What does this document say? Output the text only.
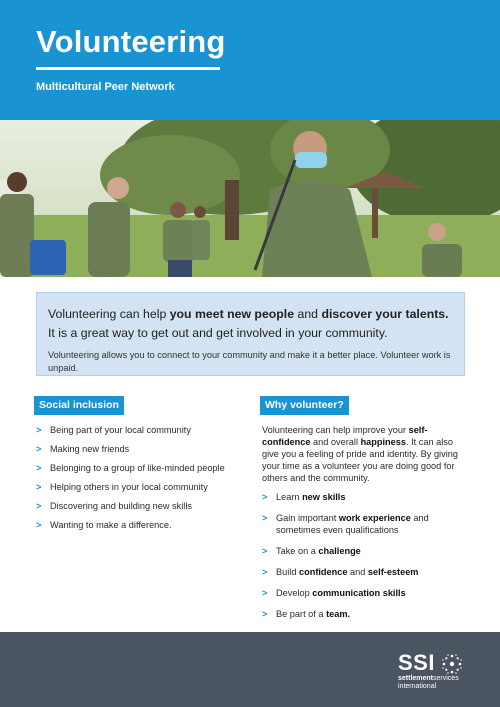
Volunteering
Multicultural Peer Network

Volunteering can help you meet new people and discover your talents. It is a great way to get out and get involved in your community.

Volunteering allows you to connect to your community and make it a better place. Volunteer work is unpaid.

Social inclusion
> Being part of your local community
> Making new friends
> Belonging to a group of like-minded people
> Helping others in your local community
> Discovering and building new skills
> Wanting to make a difference.
Why volunteer?

Volunteering can help improve your self-confidence and overall happiness. It can also give you a feeling of pride and identity. By giving your time as a volunteer you are doing good for others and the community.

> Learn new skills
> Gain important work experience and sometimes even qualifications
> Take on a challenge
> Build confidence and self-esteem
> Develop communication skills
> Be part of a team.
SSI
settlementservices
international
